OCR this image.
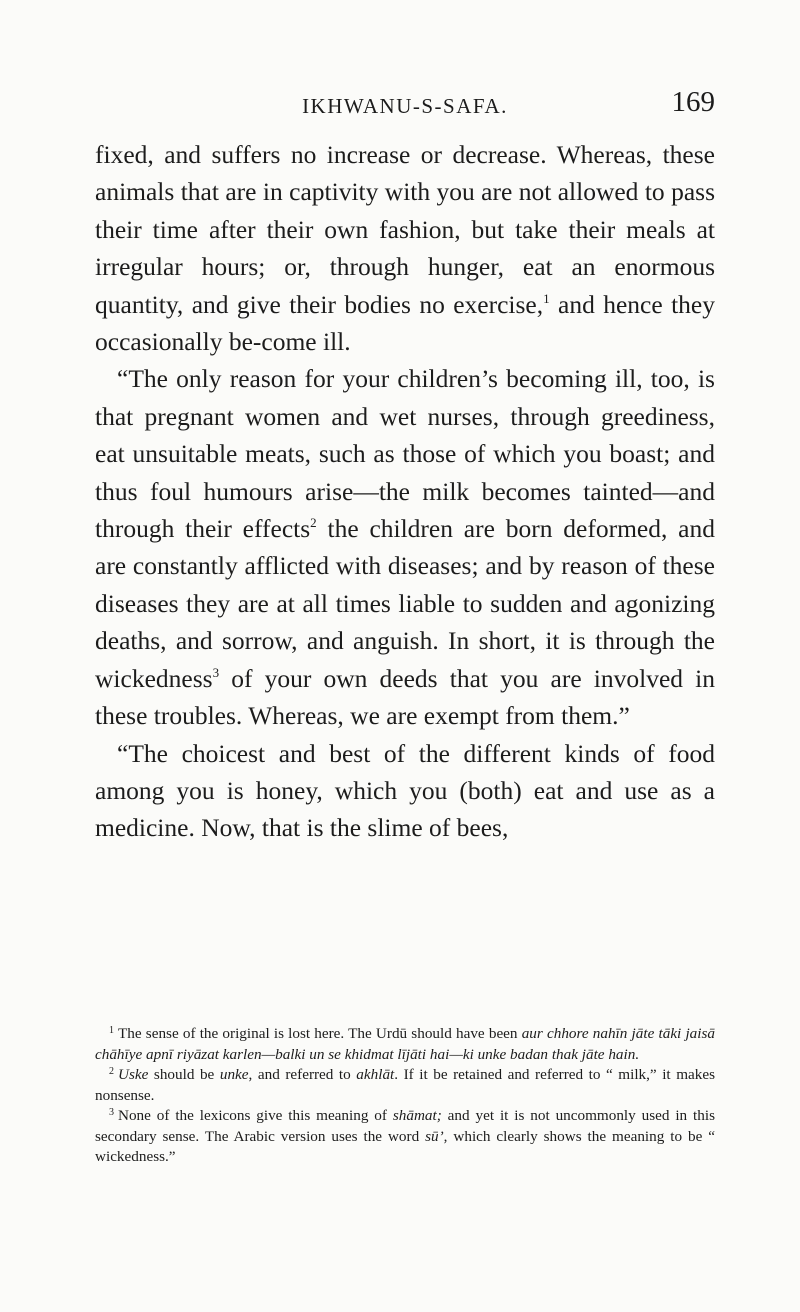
IKHWANU-S-SAFA.	169

fixed, and suffers no increase or decrease. Whereas, these animals that are in captivity with you are not allowed to pass their time after their own fashion, but take their meals at irregular hours; or, through hunger, eat an enormous quantity, and give their bodies no exercise,$^1$ and hence they occasionally be-come ill.

“The only reason for your children’s becoming ill, too, is that pregnant women and wet nurses, through greediness, eat unsuitable meats, such as those of which you boast; and thus foul humours arise—the milk becomes tainted—and through their effects$^2$ the children are born deformed, and are constantly afflicted with diseases; and by reason of these diseases they are at all times liable to sudden and agonizing deaths, and sorrow, and anguish. In short, it is through the wickedness$^3$ of your own deeds that you are involved in these troubles. Whereas, we are exempt from them.”

“The choicest and best of the different kinds of food among you is honey, which you (both) eat and use as a medicine. Now, that is the slime of bees,

$^1$ The sense of the original is lost here. The Urdū should have been aur chhore nahīn jāte tāki jaisā chāhīye apnī riyāzat karlen—balki un se khidmat lījāti hai—ki unke badan thak jāte hain.

$^2$ Uske should be unke, and referred to akhlāt. If it be retained and referred to “ milk,” it makes nonsense.

$^3$ None of the lexicons give this meaning of shāmat; and yet it is not uncommonly used in this secondary sense. The Arabic version uses the word sū’, which clearly shows the meaning to be “ wickedness.”
